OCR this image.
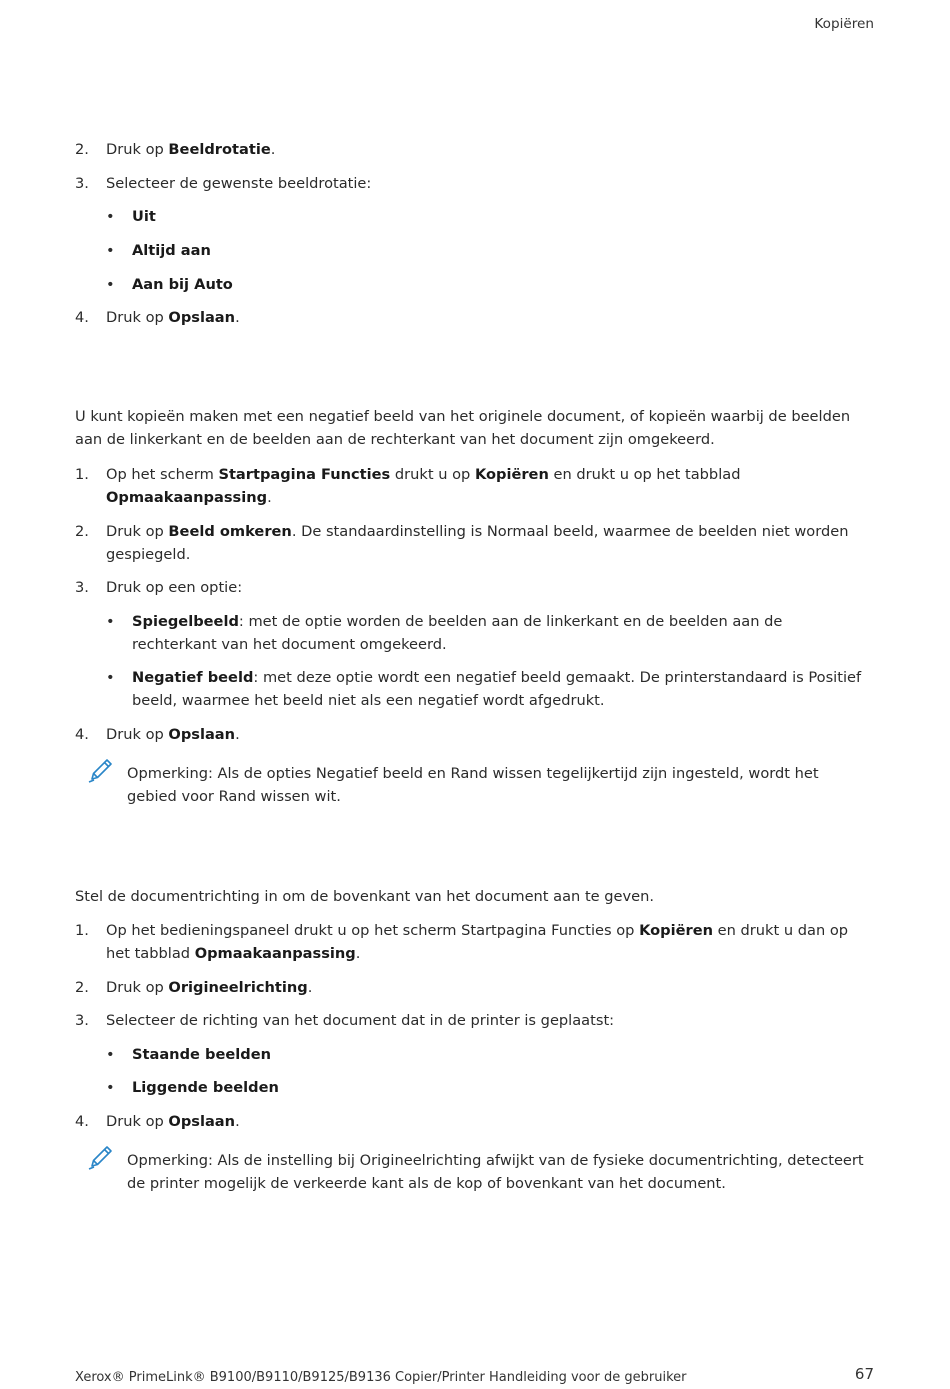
Kopiëren
2. Druk op Beeldrotatie.
3. Selecteer de gewenste beeldrotatie:
• Uit
• Altijd aan
• Aan bij Auto
4. Druk op Opslaan.
U kunt kopieën maken met een negatief beeld van het originele document, of kopieën waarbij de beelden aan de linkerkant en de beelden aan de rechterkant van het document zijn omgekeerd.
1. Op het scherm Startpagina Functies drukt u op Kopiëren en drukt u op het tabblad
Opmaakaanpassing.
2. Druk op Beeld omkeren. De standaardinstelling is Normaal beeld, waarmee de beelden niet worden gespiegeld.
3. Druk op een optie:
• Spiegelbeeld: met de optie worden de beelden aan de linkerkant en de beelden aan de rechterkant van het document omgekeerd.
• Negatief beeld: met deze optie wordt een negatief beeld gemaakt. De printerstandaard is Positief beeld, waarmee het beeld niet als een negatief wordt afgedrukt.
4. Druk op Opslaan.
Opmerking: Als de opties Negatief beeld en Rand wissen tegelijkertijd zijn ingesteld, wordt het gebied voor Rand wissen wit.
Stel de documentrichting in om de bovenkant van het document aan te geven.
1. Op het bedieningspaneel drukt u op het scherm Startpagina Functies op Kopiëren en drukt u dan op het tabblad Opmaakaanpassing.
2. Druk op Origineelrichting.
3. Selecteer de richting van het document dat in de printer is geplaatst:
• Staande beelden
• Liggende beelden
4. Druk op Opslaan.
Opmerking: Als de instelling bij Origineelrichting afwijkt van de fysieke documentrichting, detecteert de printer mogelijk de verkeerde kant als de kop of bovenkant van het document.
Xerox® PrimeLink® B9100/B9110/B9125/B9136 Copier/Printer Handleiding voor de gebruiker	67
